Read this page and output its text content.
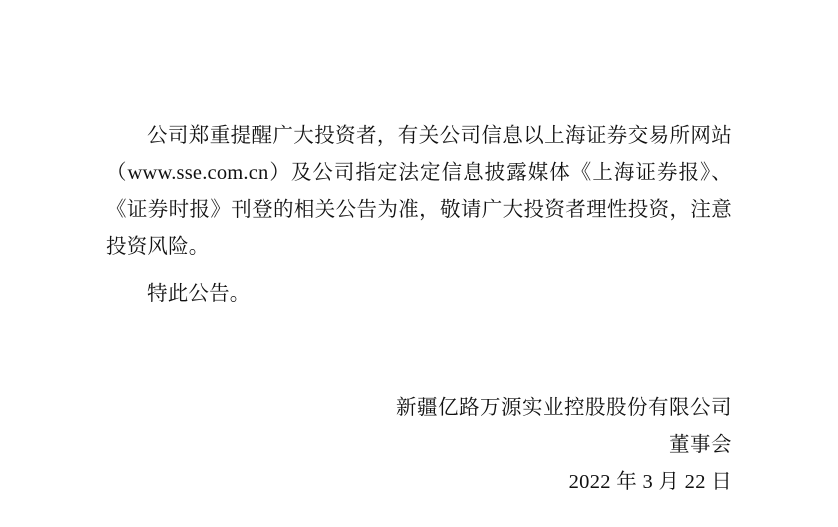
公司郑重提醒广大投资者，有关公司信息以上海证券交易所网站（www.sse.com.cn）及公司指定法定信息披露媒体《上海证券报》、《证券时报》刊登的相关公告为准，敬请广大投资者理性投资，注意投资风险。

特此公告。

新疆亿路万源实业控股股份有限公司
董事会
2022 年 3 月 22 日
